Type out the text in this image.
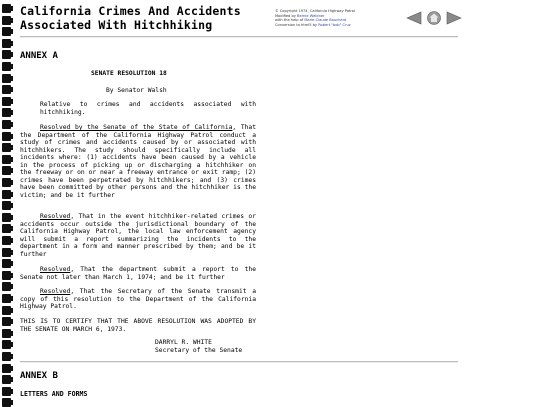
California Crimes And Accidents
Associated With Hitchhiking
© Copyright 1974, California Highway Patrol
Modified by Bernie Weidner
with the help of Marie-Claude Bouchard
Conversion to html5 by Robert "bob" Cruz
ANNEX A
SENATE RESOLUTION 18
By Senator Walsh
Relative to crimes and accidents associated with hitchhiking.
Resolved by the Senate of the State of California, That the Department of the California Highway Patrol conduct a study of crimes and accidents caused by or associated with hitchhikers. The study should specifically include all incidents where: (1) accidents have been caused by a vehicle in the process of picking up or discharging a hitchhiker on the freeway or on or near a freeway entrance or exit ramp; (2) crimes have been perpetrated by hitchhikers; and (3) crimes have been committed by other persons and the hitchhiker is the victim; and be it further
Resolved, That in the event hitchhiker-related crimes or accidents occur outside the jurisdictional boundary of the California Highway Patrol, the local law enforcement agency will submit a report summarizing the incidents to the department in a form and manner prescribed by them; and be it further
Resolved, That the department submit a report to the Senate not later than March 1, 1974; and be it further
Resolved, That the Secretary of the Senate transmit a copy of this resolution to the Department of the California Highway Patrol.
THIS IS TO CERTIFY THAT THE ABOVE RESOLUTION WAS ADOPTED BY THE SENATE ON MARCH 6, 1973.
DARRYL R. WHITE
Secretary of the Senate
ANNEX B
LETTERS AND FORMS
